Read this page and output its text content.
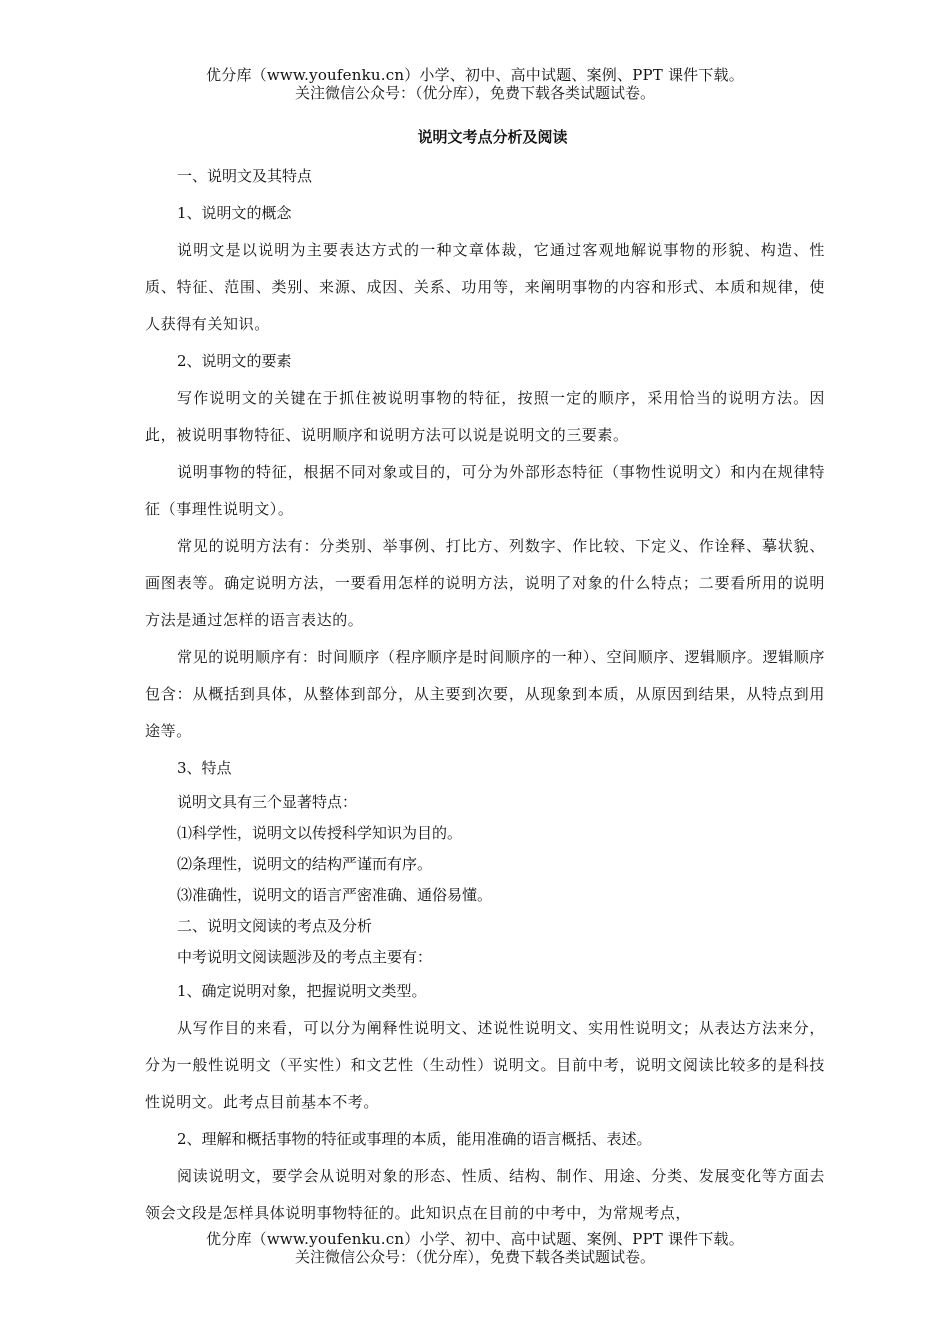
优分库（www.youfenku.cn）小学、初中、高中试题、案例、PPT 课件下载。
关注微信公众号：（优分库），免费下载各类试题试卷。
说明文考点分析及阅读

一、说明文及其特点

1、说明文的概念

说明文是以说明为主要表达方式的一种文章体裁，它通过客观地解说事物的形貌、构造、性质、特征、范围、类别、来源、成因、关系、功用等，来阐明事物的内容和形式、本质和规律，使人获得有关知识。

2、说明文的要素

写作说明文的关键在于抓住被说明事物的特征，按照一定的顺序，采用恰当的说明方法。因此，被说明事物特征、说明顺序和说明方法可以说是说明文的三要素。

说明事物的特征，根据不同对象或目的，可分为外部形态特征（事物性说明文）和内在规律特征（事理性说明文）。

常见的说明方法有：分类别、举事例、打比方、列数字、作比较、下定义、作诠释、摹状貌、画图表等。确定说明方法，一要看用怎样的说明方法，说明了对象的什么特点；二要看所用的说明方法是通过怎样的语言表达的。

常见的说明顺序有：时间顺序（程序顺序是时间顺序的一种）、空间顺序、逻辑顺序。逻辑顺序包含：从概括到具体，从整体到部分，从主要到次要，从现象到本质，从原因到结果，从特点到用途等。

3、特点

说明文具有三个显著特点：

⑴科学性，说明文以传授科学知识为目的。

⑵条理性，说明文的结构严谨而有序。

⑶准确性，说明文的语言严密准确、通俗易懂。

二、说明文阅读的考点及分析

中考说明文阅读题涉及的考点主要有：

1、确定说明对象，把握说明文类型。

从写作目的来看，可以分为阐释性说明文、述说性说明文、实用性说明文；从表达方法来分，分为一般性说明文（平实性）和文艺性（生动性）说明文。目前中考，说明文阅读比较多的是科技性说明文。此考点目前基本不考。

2、理解和概括事物的特征或事理的本质，能用准确的语言概括、表述。

阅读说明文，要学会从说明对象的形态、性质、结构、制作、用途、分类、发展变化等方面去领会文段是怎样具体说明事物特征的。此知识点在目前的中考中，为常规考点，

优分库（www.youfenku.cn）小学、初中、高中试题、案例、PPT 课件下载。
关注微信公众号：（优分库），免费下载各类试题试卷。
